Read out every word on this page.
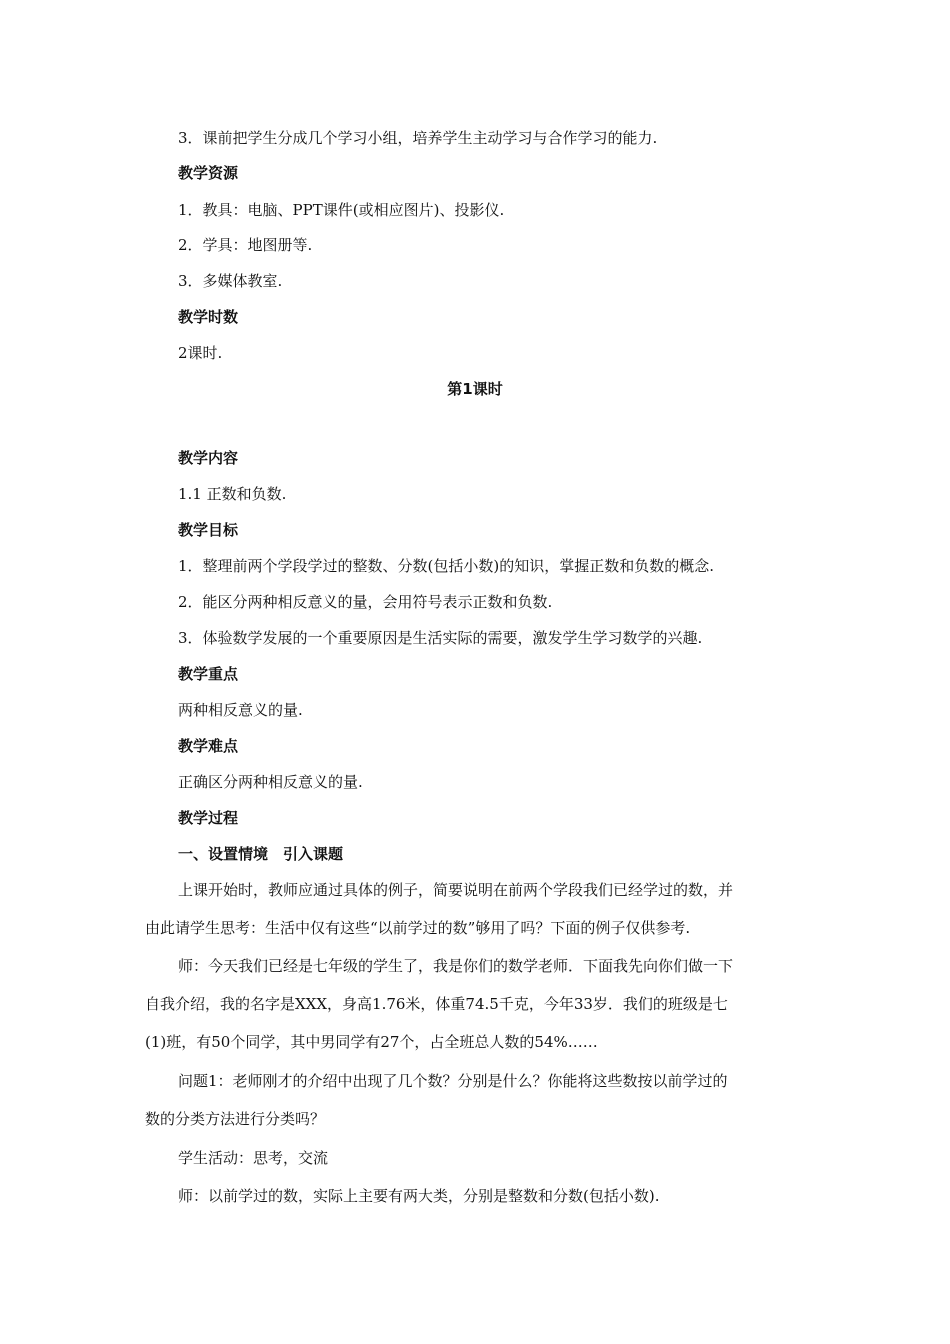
3．课前把学生分成几个学习小组，培养学生主动学习与合作学习的能力.
教学资源
1．教具：电脑、PPT课件(或相应图片)、投影仪.
2．学具：地图册等.
3．多媒体教室.
教学时数
2课时.
第1课时
教学内容
1.1 正数和负数.
教学目标
1．整理前两个学段学过的整数、分数(包括小数)的知识，掌握正数和负数的概念.
2．能区分两种相反意义的量，会用符号表示正数和负数.
3．体验数学发展的一个重要原因是生活实际的需要，激发学生学习数学的兴趣.
教学重点
两种相反意义的量.
教学难点
正确区分两种相反意义的量.
教学过程
一、设置情境　引入课题
上课开始时，教师应通过具体的例子，简要说明在前两个学段我们已经学过的数，并
由此请学生思考：生活中仅有这些“以前学过的数”够用了吗？下面的例子仅供参考.
师：今天我们已经是七年级的学生了，我是你们的数学老师．下面我先向你们做一下
自我介绍，我的名字是XXX，身高1.76米，体重74.5千克，今年33岁．我们的班级是七
(1)班，有50个同学，其中男同学有27个，占全班总人数的54%……
问题1：老师刚才的介绍中出现了几个数？分别是什么？你能将这些数按以前学过的
数的分类方法进行分类吗？
学生活动：思考，交流
师：以前学过的数，实际上主要有两大类，分别是整数和分数(包括小数).
